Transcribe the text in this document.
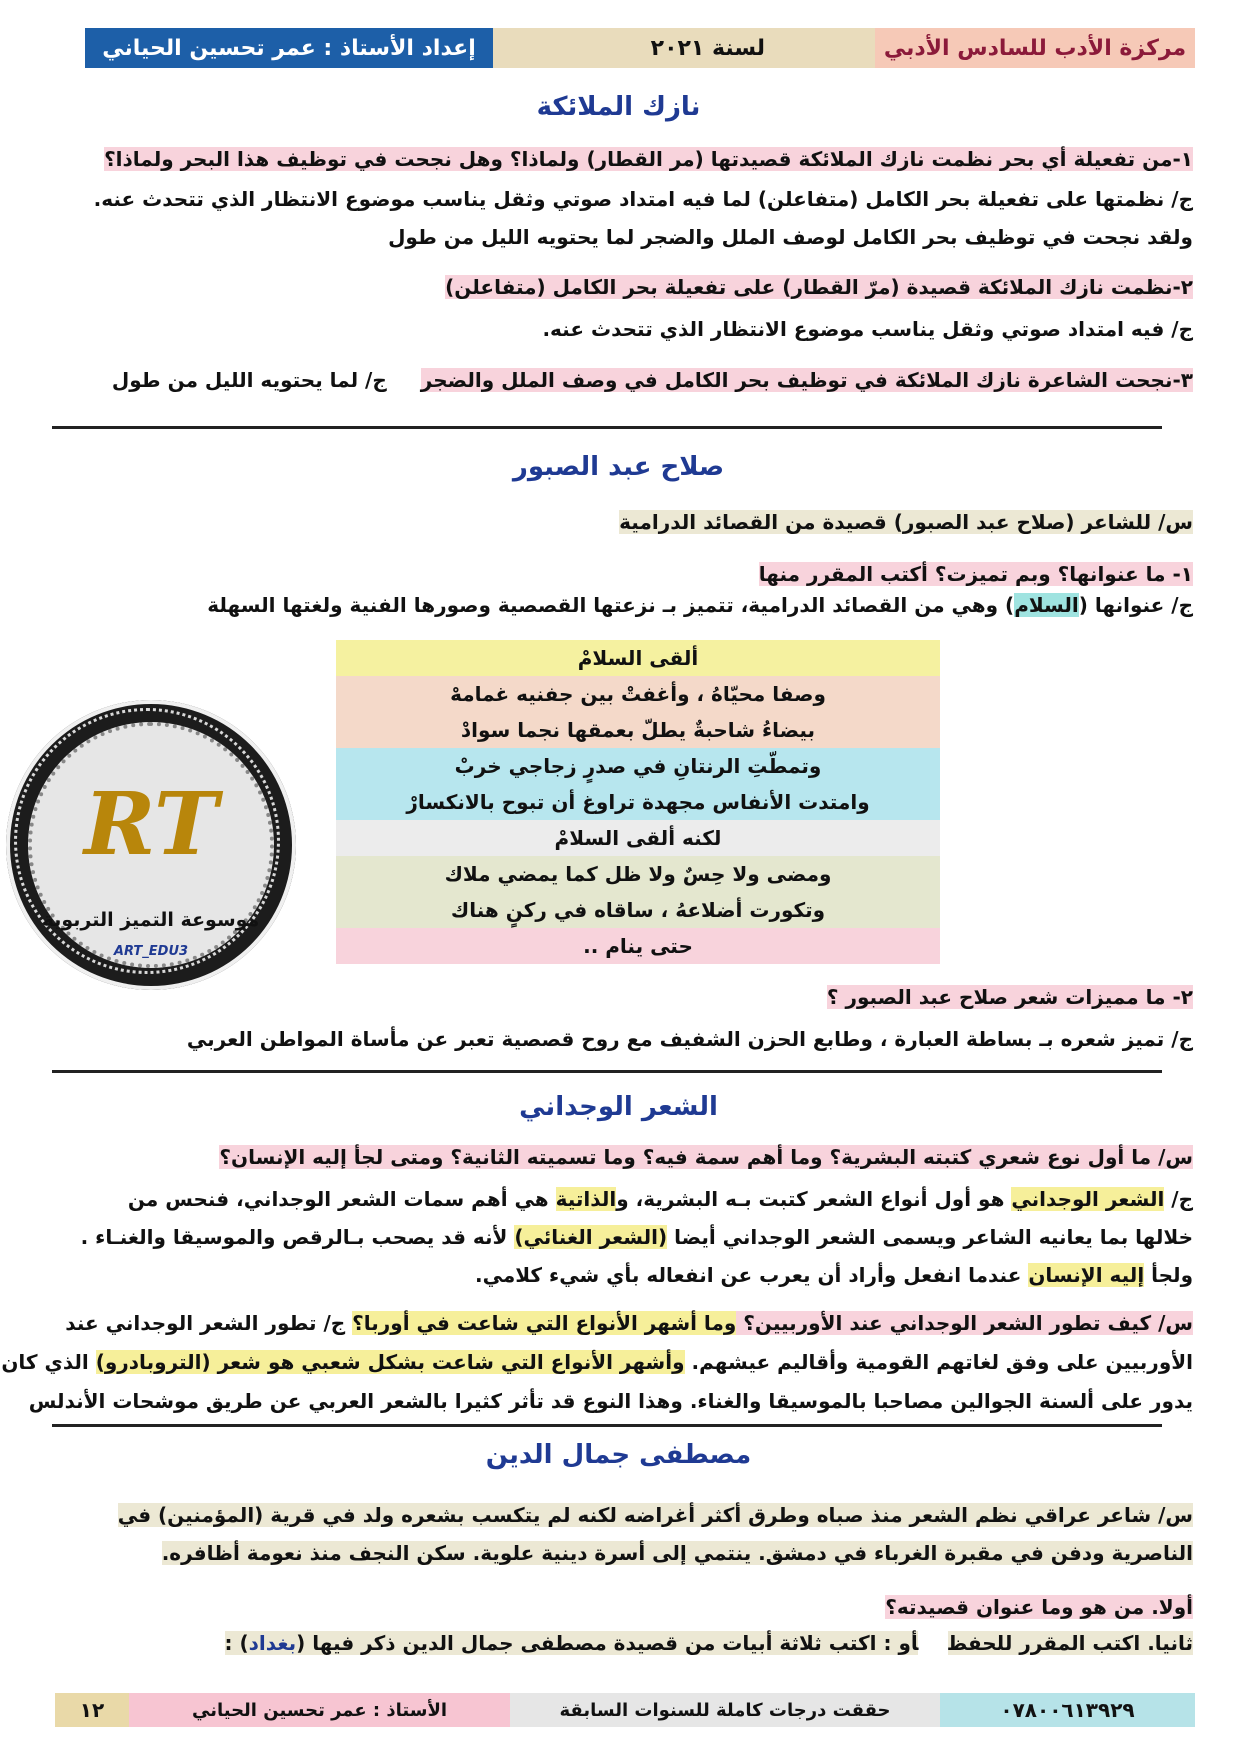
مركزة الأدب للسادس الأدبي
لسنة ٢٠٢١
إعداد الأستاذ : عمر تحسين الحياني
نازك الملائكة
١-من تفعيلة أي بحر نظمت نازك الملائكة قصيدتها (مر القطار) ولماذا؟ وهل نجحت في توظيف هذا البحر ولماذا؟
ج/ نظمتها على تفعيلة بحر الكامل (متفاعلن) لما فيه امتداد صوتي وثقل يناسب موضوع الانتظار الذي تتحدث عنه.
ولقد نجحت في توظيف بحر الكامل لوصف الملل والضجر لما يحتويه الليل من طول
٢-نظمت نازك الملائكة قصيدة (مرّ القطار) على تفعيلة بحر الكامل (متفاعلن)
ج/ فيه امتداد صوتي وثقل يناسب موضوع الانتظار الذي تتحدث عنه.
٣-نجحت الشاعرة نازك الملائكة في توظيف بحر الكامل في وصف الملل والضجرج/ لما يحتويه الليل من طول
صلاح عبد الصبور
س/ للشاعر (صلاح عبد الصبور) قصيدة من القصائد الدرامية
١- ما عنوانها؟ وبم تميزت؟ أكتب المقرر منها
ج/ عنوانها (السلام) وهي من القصائد الدرامية، تتميز بـ نزعتها القصصية وصورها الفنية ولغتها السهلة
ألقى السلامْ
وصفا محيّاهُ ، وأغفتْ بين جفنيه غمامهْ
بيضاءُ شاحبةٌ يطلّ بعمقها نجما سوادْ
وتمطّتِ الرنتانِ في صدرٍ زجاجي خربْ
وامتدت الأنفاس مجهدة تراوغ أن تبوح بالانكسارْ
لكنه ألقى السلامْ
ومضى ولا حِسٌ ولا ظل كما يمضي ملاك
وتكورت أضلاعهُ ، ساقاه في ركنٍ هناك
حتى ينام ..
٢- ما مميزات شعر صلاح عبد الصبور ؟
ج/ تميز شعره بـ بساطة العبارة ، وطابع الحزن الشفيف مع روح قصصية تعبر عن مأساة المواطن العربي
الشعر الوجداني
س/ ما أول نوع شعري كتبته البشرية؟ وما أهم سمة فيه؟ وما تسميته الثانية؟ ومتى لجأ إليه الإنسان؟
ج/ الشعر الوجداني هو أول أنواع الشعر كتبت بـه البشرية، والذاتية هي أهم سمات الشعر الوجداني، فنحس من
خلالها بما يعانيه الشاعر ويسمى الشعر الوجداني أيضا (الشعر الغنائي) لأنه قد يصحب بـالرقص والموسيقا والغنـاء .
ولجأ إليه الإنسان عندما انفعل وأراد أن يعرب عن انفعاله بأي شيء كلامي.
س/ كيف تطور الشعر الوجداني عند الأوربيين؟ وما أشهر الأنواع التي شاعت في أوربا؟ ج/ تطور الشعر الوجداني عند
الأوربيين على وفق لغاتهم القومية وأقاليم عيشهم. وأشهر الأنواع التي شاعت بشكل شعبي هو شعر (التروبادرو) الذي كان
يدور على ألسنة الجوالين مصاحبا بالموسيقا والغناء. وهذا النوع قد تأثر كثيرا بالشعر العربي عن طريق موشحات الأندلس
مصطفى جمال الدين
س/ شاعر عراقي نظم الشعر منذ صباه وطرق أكثر أغراضه لكنه لم يتكسب بشعره ولد في قرية (المؤمنين) في
الناصرية ودفن في مقبرة الغرباء في دمشق. ينتمي إلى أسرة دينية علوية. سكن النجف منذ نعومة أظافره.
أولا. من هو وما عنوان قصيدته؟
ثانيا. اكتب المقرر للحفظأو : اكتب ثلاثة أبيات من قصيدة مصطفى جمال الدين ذكر فيها (بغداد) :
RT
موسوعة التميز التربوية
ART_EDU3
٠٧٨٠٠٦١٣٩٢٩
حققت درجات كاملة للسنوات السابقة
الأستاذ : عمر تحسين الحياني
١٢
